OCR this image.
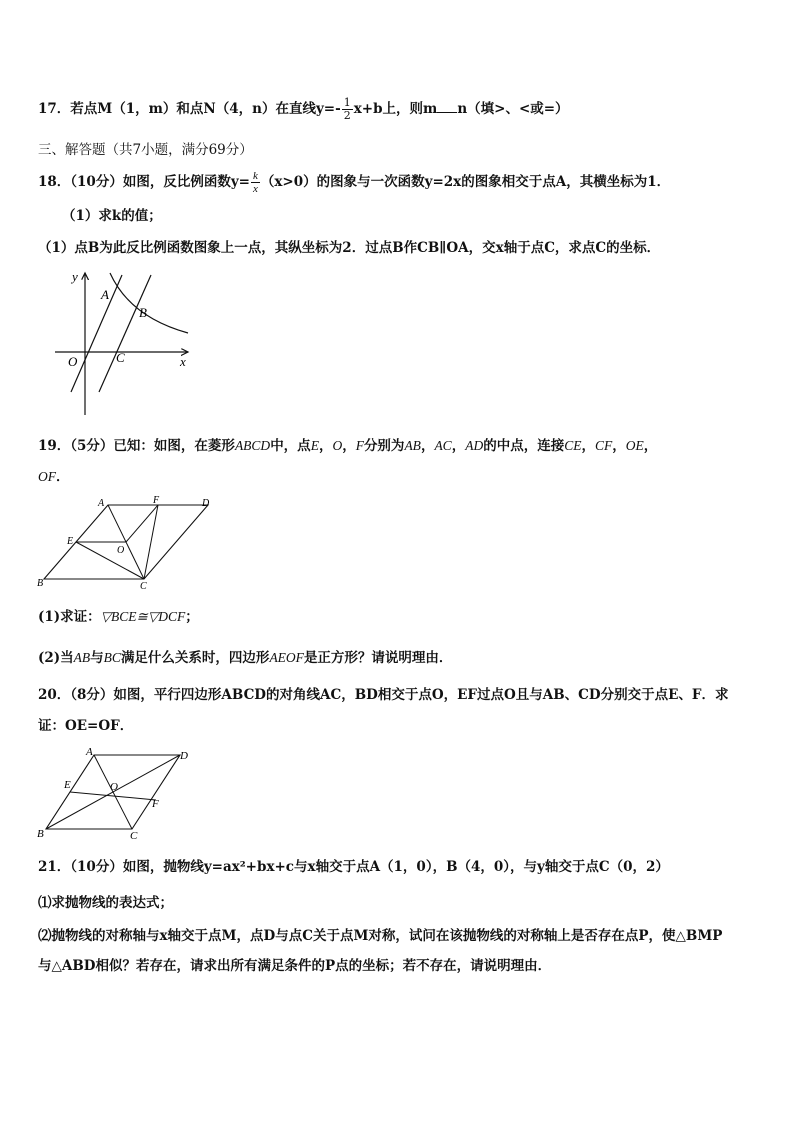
17．若点M（1，m）和点N（4，n）在直线$y=- \frac{1}{2} x+b$上，则m n（填>、<或=）
三、解答题（共7小题，满分69分）
18．（10分）如图，反比例函数$y= \frac{k}{x} (x>0)$的图象与一次函数y=2x的图象相交于点A，其横坐标为1．
（1）求k的值；
（1）点B为此反比例函数图象上一点，其纵坐标为2．过点B作CB∥OA，交x轴于点C，求点C的坐标．
y
x
A
B
O	C
19．（5分）已知：如图，在菱形ABCD中，点E，O，F分别为AB，AC，AD的中点，连接CE，CF，OE，
OF．
A	F	D
E
O
B	C
(1)求证：▽BCE≅▽DCF；
(2)当AB与BC满足什么关系时，四边形AEOF是正方形？请说明理由．
20．（8分）如图，平行四边形ABCD的对角线AC，BD相交于点O，EF过点O且与AB、CD分别交于点E、F．求
证：OE=OF．
A	D
E	O
F
B	C
21．（10分）如图，抛物线y=ax²+bx+c与x轴交于点A（1，0），B（4，0），与y轴交于点C（0，2）
⑴求抛物线的表达式；
⑵抛物线的对称轴与x轴交于点M，点D与点C关于点M对称，试问在该抛物线的对称轴上是否存在点P，使△BMP
与△ABD相似？若存在，请求出所有满足条件的P点的坐标；若不存在，请说明理由．
